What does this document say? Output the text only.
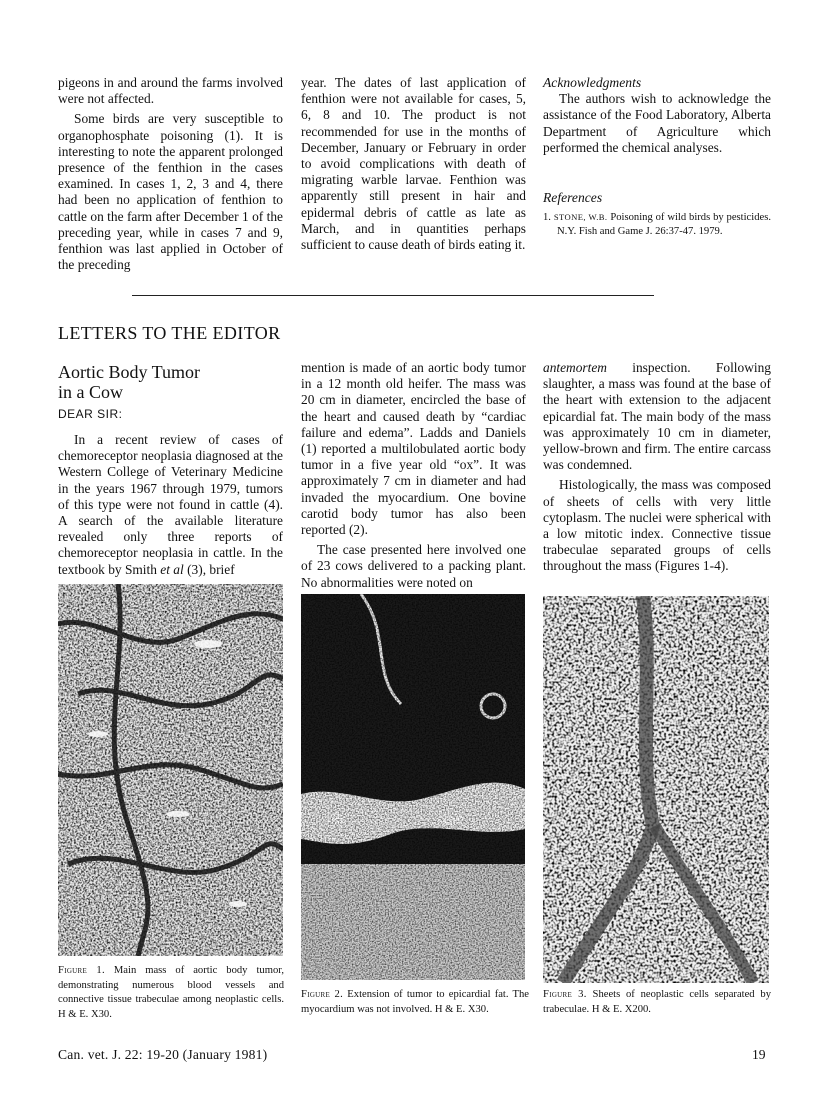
pigeons in and around the farms involved were not affected.

Some birds are very susceptible to organophosphate poisoning (1). It is interesting to note the apparent prolonged presence of the fenthion in the cases examined. In cases 1, 2, 3 and 4, there had been no application of fenthion to cattle on the farm after December 1 of the preceding year, while in cases 7 and 9, fenthion was last applied in October of the preceding

year. The dates of last application of fenthion were not available for cases, 5, 6, 8 and 10. The product is not recommended for use in the months of December, January or February in order to avoid complications with death of migrating warble larvae. Fenthion was apparently still present in hair and epidermal debris of cattle as late as March, and in quantities perhaps sufficient to cause death of birds eating it.

Acknowledgments

The authors wish to acknowledge the assistance of the Food Laboratory, Alberta Department of Agriculture which performed the chemical analyses.

References
1. STONE, W.B. Poisoning of wild birds by pesticides. N.Y. Fish and Game J. 26:37-47. 1979.
LETTERS TO THE EDITOR
Aortic Body Tumor
in a Cow
DEAR SIR:

In a recent review of cases of chemoreceptor neoplasia diagnosed at the Western College of Veterinary Medicine in the years 1967 through 1979, tumors of this type were not found in cattle (4). A search of the available literature revealed only three reports of chemoreceptor neoplasia in cattle. In the textbook by Smith et al (3), brief

mention is made of an aortic body tumor in a 12 month old heifer. The mass was 20 cm in diameter, encircled the base of the heart and caused death by “cardiac failure and edema”. Ladds and Daniels (1) reported a multilobulated aortic body tumor in a five year old “ox”. It was approximately 7 cm in diameter and had invaded the myocardium. One bovine carotid body tumor has also been reported (2).

The case presented here involved one of 23 cows delivered to a packing plant. No abnormalities were noted on

antemortem inspection. Following slaughter, a mass was found at the base of the heart with extension to the adjacent epicardial fat. The main body of the mass was approximately 10 cm in diameter, yellow-brown and firm. The entire carcass was condemned.

Histologically, the mass was composed of sheets of cells with very little cytoplasm. The nuclei were spherical with a low mitotic index. Connective tissue trabeculae separated groups of cells throughout the mass (Figures 1-4).

Figure 1. Main mass of aortic body tumor, demonstrating numerous blood vessels and connective tissue trabeculae among neoplastic cells. H & E. X30.
Figure 2. Extension of tumor to epicardial fat. The myocardium was not involved. H & E. X30.
Figure 3. Sheets of neoplastic cells separated by trabeculae. H & E. X200.
Can. vet. J. 22: 19-20 (January 1981)	19
